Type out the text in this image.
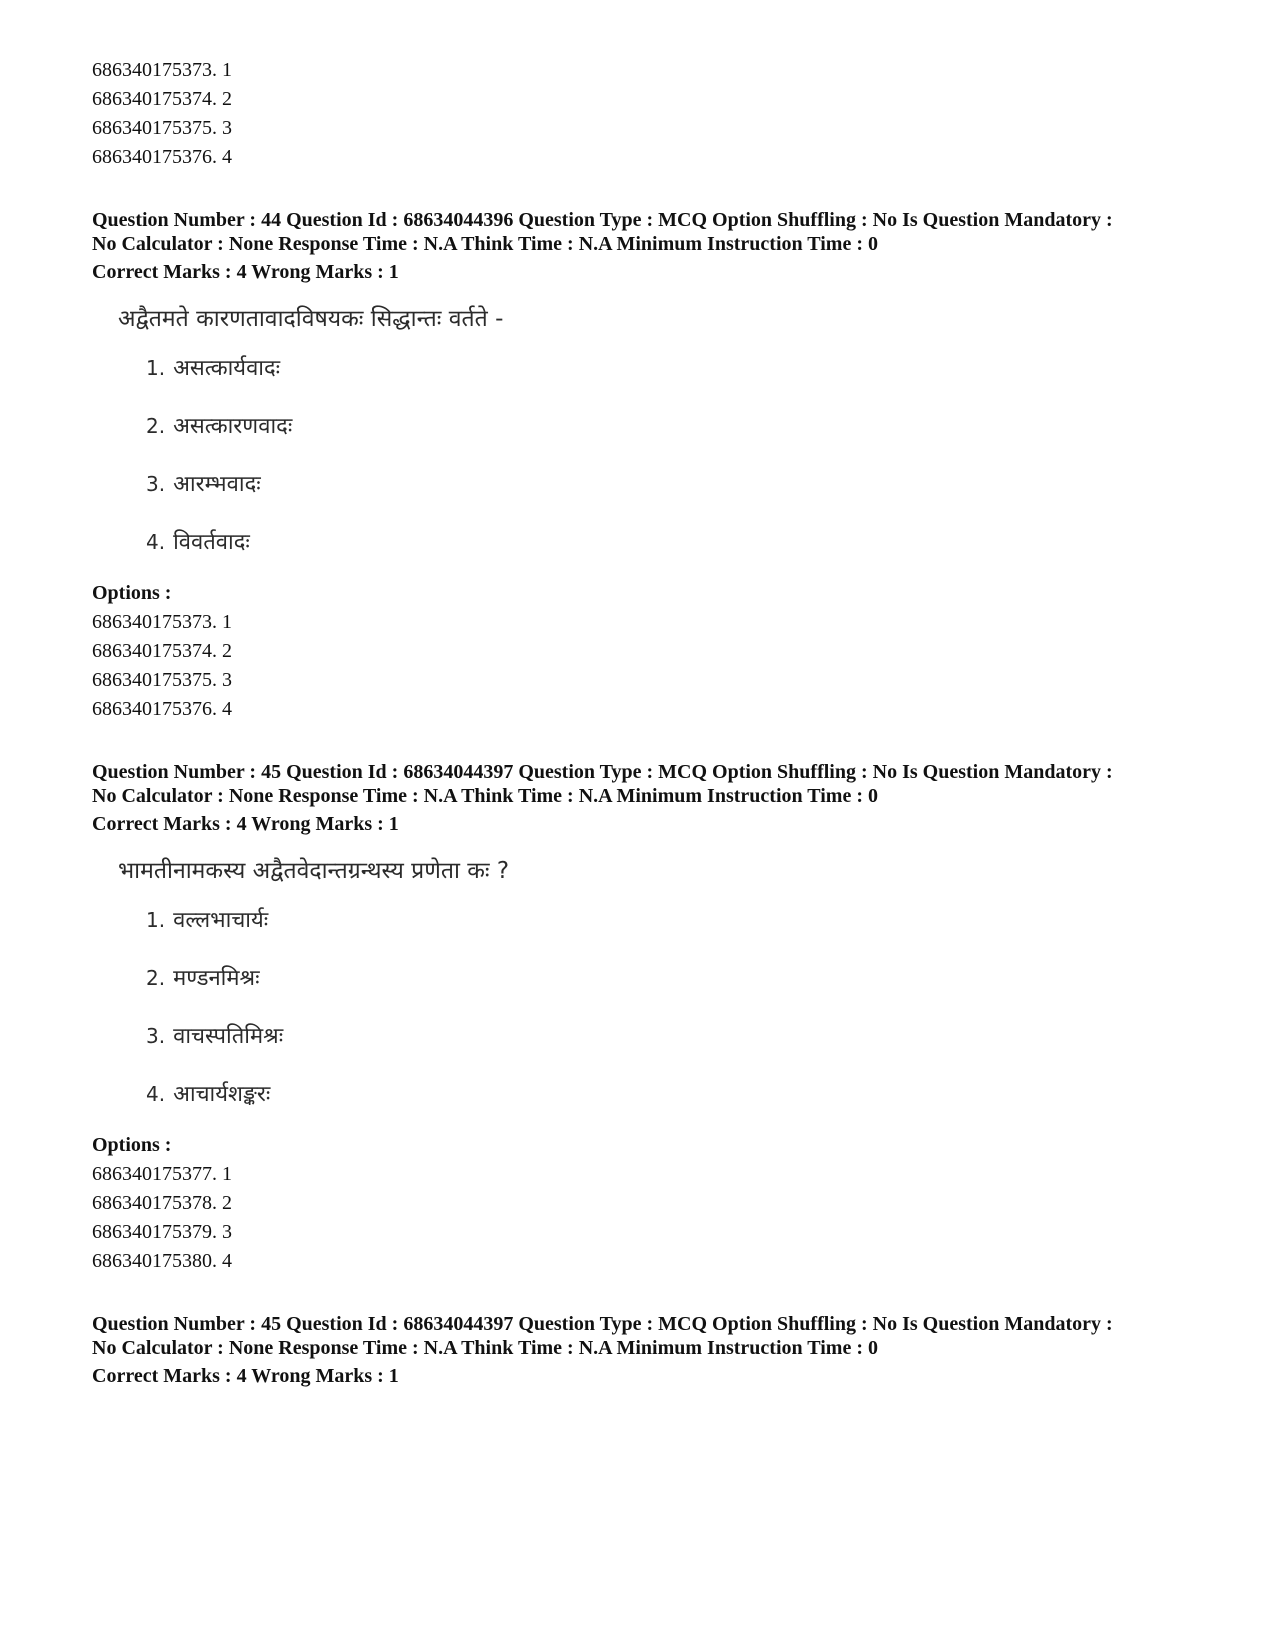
686340175373. 1
686340175374. 2
686340175375. 3
686340175376. 4
Question Number : 44 Question Id : 68634044396 Question Type : MCQ Option Shuffling : No Is Question Mandatory :
No Calculator : None Response Time : N.A Think Time : N.A Minimum Instruction Time : 0
Correct Marks : 4 Wrong Marks : 1
अद्वैतमते कारणतावादविषयकः सिद्धान्तः वर्तते -
1. असत्कार्यवादः
2. असत्कारणवादः
3. आरम्भवादः
4. विवर्तवादः
Options :
686340175373. 1
686340175374. 2
686340175375. 3
686340175376. 4
Question Number : 45 Question Id : 68634044397 Question Type : MCQ Option Shuffling : No Is Question Mandatory :
No Calculator : None Response Time : N.A Think Time : N.A Minimum Instruction Time : 0
Correct Marks : 4 Wrong Marks : 1
भामतीनामकस्य अद्वैतवेदान्तग्रन्थस्य प्रणेता कः ?
1. वल्लभाचार्यः
2. मण्डनमिश्रः
3. वाचस्पतिमिश्रः
4. आचार्यशङ्करः
Options :
686340175377. 1
686340175378. 2
686340175379. 3
686340175380. 4
Question Number : 45 Question Id : 68634044397 Question Type : MCQ Option Shuffling : No Is Question Mandatory :
No Calculator : None Response Time : N.A Think Time : N.A Minimum Instruction Time : 0
Correct Marks : 4 Wrong Marks : 1
